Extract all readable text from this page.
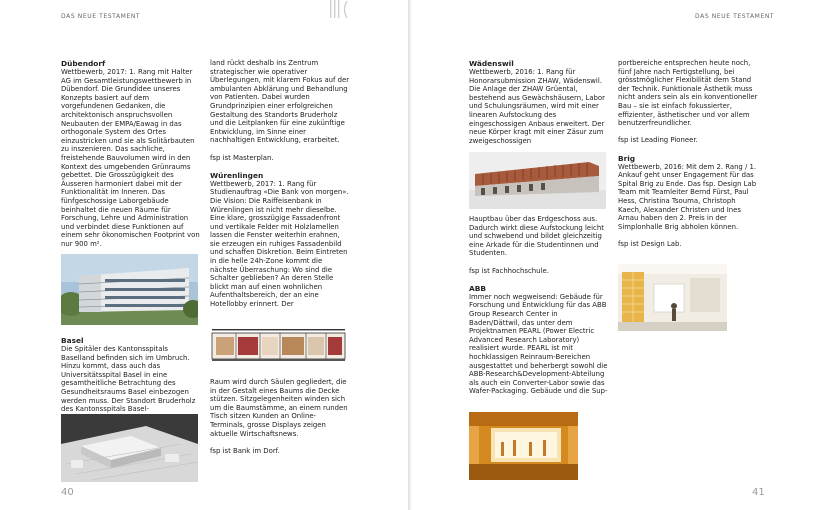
DAS NEUE TESTAMENT

Dübendorf

Wettbewerb, 2017: 1. Rang mit Halter AG im Gesamtleistungswettbewerb in Dübendorf. Die Grundidee unseres Konzepts basiert auf dem vorgefundenen Gedanken, die architektonisch anspruchsvollen Neubauten der EMPA/Eawag in das orthogonale System des Ortes einzustricken und sie als Solitärbauten zu inszenieren. Das sachliche, freistehende Bauvolumen wird in den Kontext des umgebenden Grünraums gebettet. Die Grosszügigkeit des Äusseren harmoniert dabei mit der Funktionalität im Inneren. Das fünfgeschossige Laborgebäude beinhaltet die neuen Räume für Forschung, Lehre und Administration und verbindet diese Funktionen auf einem sehr ökonomischen Footprint von nur 900 m².

Basel

Die Spitäler des Kantonsspitals Baselland befinden sich im Umbruch. Hinzu kommt, dass auch das Universitätsspital Basel in eine gesamtheitliche Betrachtung des Gesundheitsraums Basel einbezogen werden muss. Der Standort Bruderholz des Kantonsspitals Basel-

land rückt deshalb ins Zentrum strategischer wie operativer Überlegungen, mit klarem Fokus auf der ambulanten Abklärung und Behandlung von Patienten. Dabei wurden Grundprinzipien einer erfolgreichen Gestaltung des Standorts Bruderholz und die Leitplanken für eine zukünftige Entwicklung, im Sinne einer nachhaltigen Entwicklung, erarbeitet.

fsp ist Masterplan.

Würenlingen

Wettbewerb, 2017: 1. Rang für Studienauftrag «Die Bank von morgen». Die Vision: Die Raiffeisenbank in Würenlingen ist nicht mehr dieselbe. Eine klare, grosszügige Fassadenfront und vertikale Felder mit Holzlamellen lassen die Fenster weiterhin erahnen, sie erzeugen ein ruhiges Fassadenbild und schaffen Diskretion. Beim Eintreten in die helle 24h-Zone kommt die nächste Überraschung: Wo sind die Schalter geblieben? An deren Stelle blickt man auf einen wohnlichen Aufenthaltsbereich, der an eine Hotellobby erinnert. Der

Raum wird durch Säulen gegliedert, die in der Gestalt eines Baums die Decke stützen. Sitzgelegenheiten winden sich um die Baumstämme, an einem runden Tisch sitzen Kunden an Online-Terminals, grosse Displays zeigen aktuelle Wirtschaftsnews.

fsp ist Bank im Dorf.

40
DAS NEUE TESTAMENT

Wädenswil

Wettbewerb, 2016: 1. Rang für Honorarsubmission ZHAW, Wädenswil. Die Anlage der ZHAW Grüental, bestehend aus Gewächshäusern, Labor und Schulungsräumen, wird mit einer linearen Aufstockung des eingeschossigen Anbaus erweitert. Der neue Körper kragt mit einer Zäsur zum zweigeschossigen

Hauptbau über das Erdgeschoss aus. Dadurch wirkt diese Aufstockung leicht und schwebend und bildet gleichzeitig eine Arkade für die Studentinnen und Studenten.

fsp ist Fachhochschule.

ABB

Immer noch wegweisend: Gebäude für Forschung und Entwicklung für das ABB Group Research Center in Baden/Dättwil, das unter dem Projektnamen PEARL (Power Electric Advanced Research Laboratory) realisiert wurde. PEARL ist mit hochklassigen Reinraum-Bereichen ausgestattet und beherbergt sowohl die ABB-Research&Development-Abteilung als auch ein Converter-Labor sowie das Wafer-Packaging. Gebäude und die Sup-

portbereiche entsprechen heute noch, fünf Jahre nach Fertigstellung, bei grösstmöglicher Flexibilität dem Stand der Technik. Funktionale Ästhetik muss nicht anders sein als ein konventioneller Bau – sie ist einfach fokussierter, effizienter, ästhetischer und vor allem benutzerfreundlicher.

fsp ist Leading Pioneer.

Brig

Wettbewerb, 2016: Mit dem 2. Rang / 1. Ankauf geht unser Engagement für das Spital Brig zu Ende. Das fsp. Design Lab Team mit Teamleiter Bernd Fürst, Paul Hess, Christina Tsouma, Christoph Kaech, Alexander Christen und Ines Arnau haben den 2. Preis in der Simplonhalle Brig abholen können.

fsp ist Design Lab.

41
